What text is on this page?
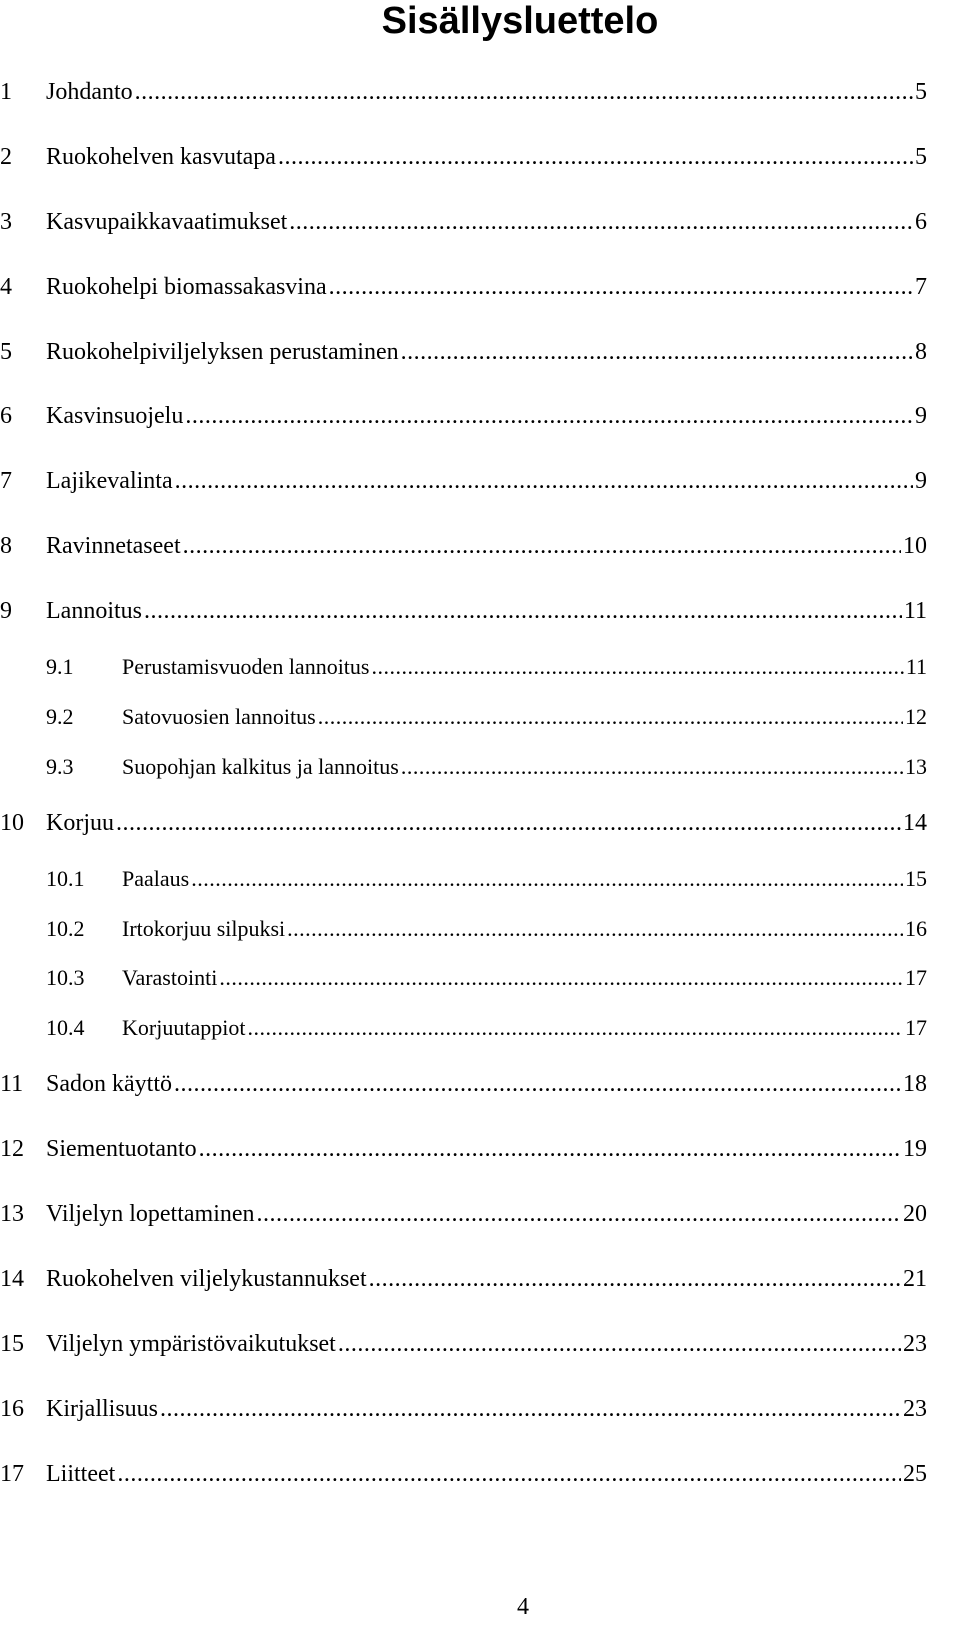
Sisällysluettelo
1	Johdanto .....	5
2	Ruokohelven kasvutapa .....	5
3	Kasvupaikkavaatimukset .....	6
4	Ruokohelpi biomassakasvina .....	7
5	Ruokohelpiviljelyksen perustaminen .....	8
6	Kasvinsuojelu .....	9
7	Lajikevalinta .....	9
8	Ravinnetaseet .....	10
9	Lannoitus .....	11
9.1	Perustamisvuoden lannoitus .....	11
9.2	Satovuosien lannoitus .....	12
9.3	Suopohjan kalkitus ja lannoitus .....	13
10 Korjuu .....	14
10.1	Paalaus .....	15
10.2	Irtokorjuu silpuksi .....	16
10.3	Varastointi .....	17
10.4	Korjuutappiot .....	17
11 Sadon käyttö .....	18
12 Siementuotanto .....	19
13 Viljelyn lopettaminen .....	20
14 Ruokohelven viljelykustannukset .....	21
15 Viljelyn ympäristövaikutukset .....	23
16 Kirjallisuus .....	23
17 Liitteet .....	25
4
